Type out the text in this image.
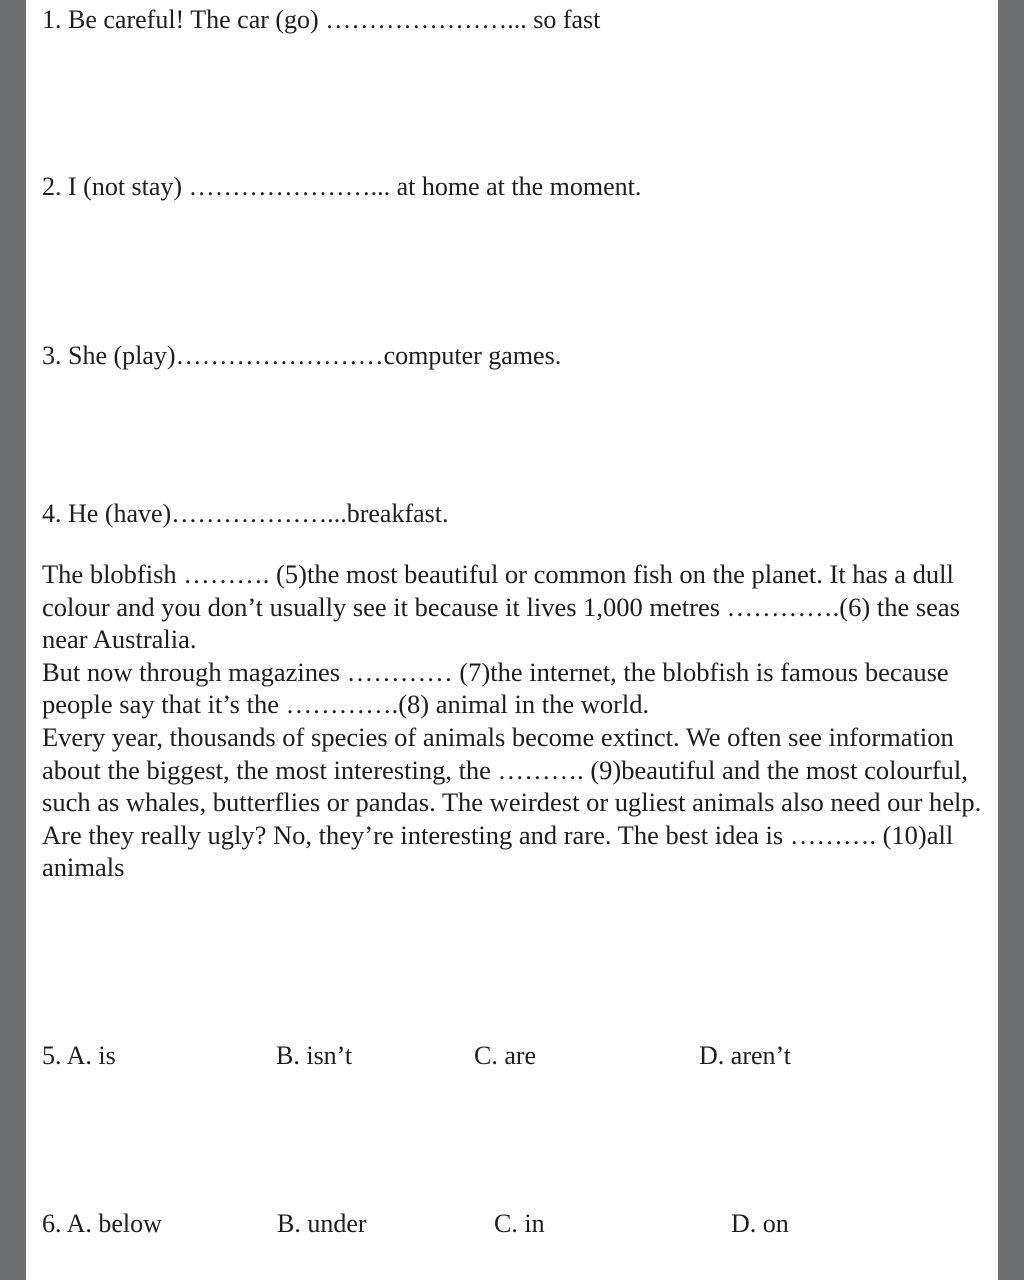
1. Be careful! The car (go) …………………... so fast
2. I (not stay) …………………... at home at the moment.
3. She (play)……………………computer games.
4. He (have)………………...breakfast.

The blobfish ………. (5)the most beautiful or common fish on the planet. It has a dull colour and you don’t usually see it because it lives 1,000 metres ………….(6) the seas near Australia.

But now through magazines ………… (7)the internet, the blobfish is famous because people say that it’s the ………….(8) animal in the world.

Every year, thousands of species of animals become extinct. We often see information about the biggest, the most interesting, the ………. (9)beautiful and the most colourful, such as whales, butterflies or pandas. The weirdest or ugliest animals also need our help.

Are they really ugly? No, they’re interesting and rare. The best idea is ………. (10)all animals

5. A. is	B. isn’t	C. are	D. aren’t
6. A. below	B. under	C. in	D. on
